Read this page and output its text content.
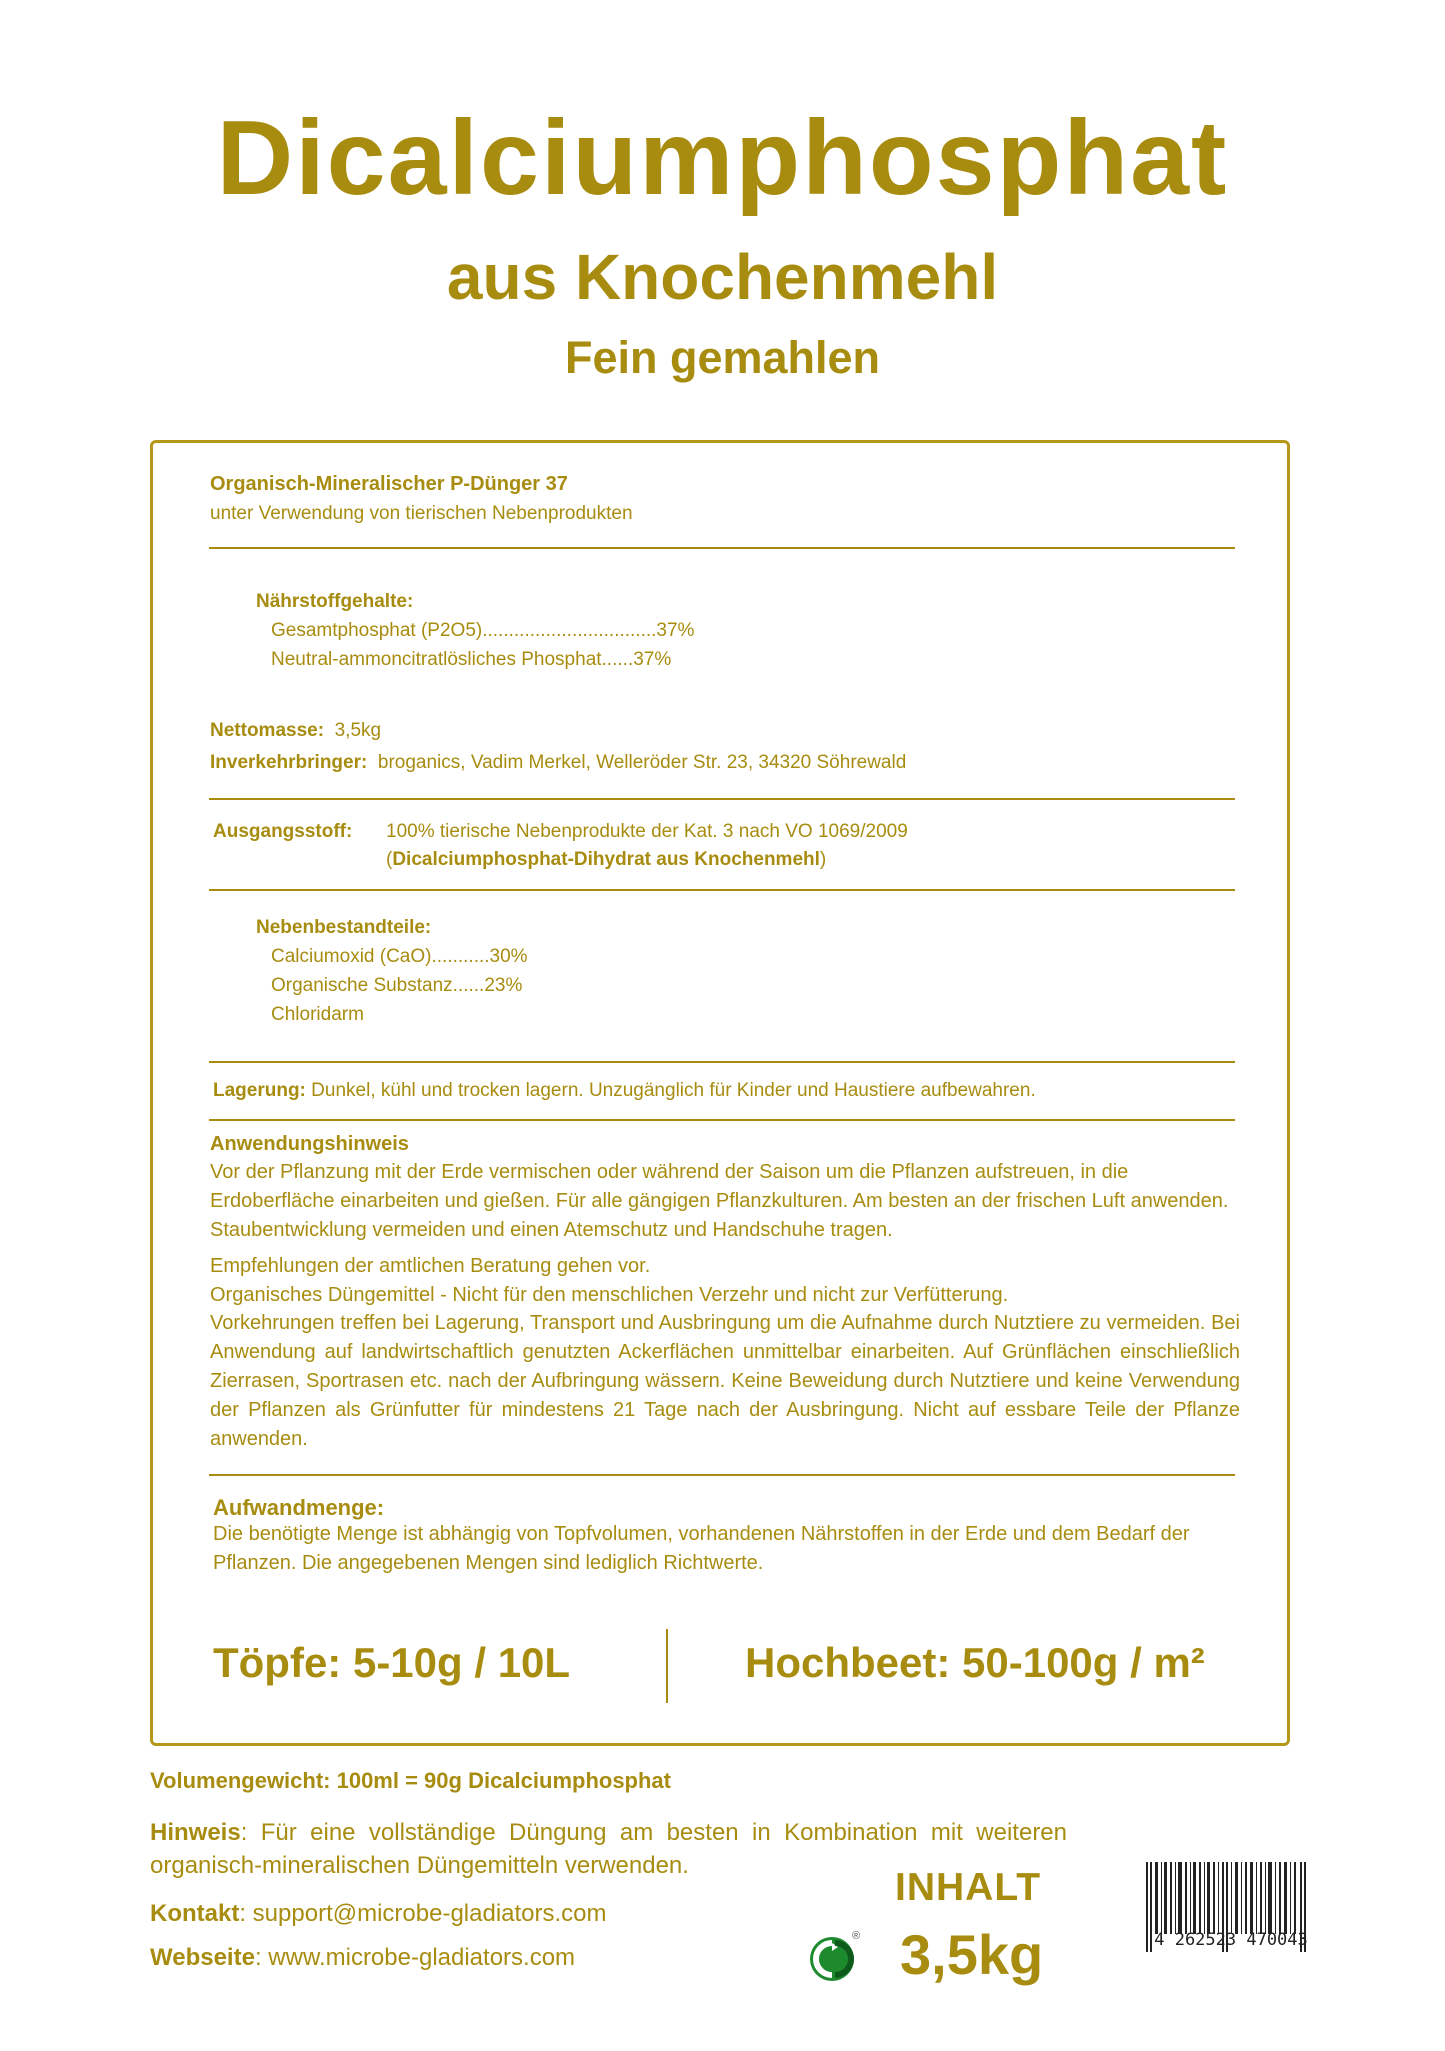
Dicalciumphosphat
aus Knochenmehl
Fein gemahlen
Organisch-Mineralischer P-Dünger 37
unter Verwendung von tierischen Nebenprodukten
Nährstoffgehalte:
Gesamtphosphat (P2O5).................................37%
Neutral-ammoncitratlösliches Phosphat......37%
Nettomasse: 3,5kg
Inverkehrbringer: broganics, Vadim Merkel, Welleröder Str. 23, 34320 Söhrewald
Ausgangsstoff: 100% tierische Nebenprodukte der Kat. 3 nach VO 1069/2009
(Dicalciumphosphat-Dihydrat aus Knochenmehl)
Nebenbestandteile:
Calciumoxid (CaO)...........30%
Organische Substanz......23%
Chloridarm
Lagerung: Dunkel, kühl und trocken lagern. Unzugänglich für Kinder und Haustiere aufbewahren.
Anwendungshinweis
Vor der Pflanzung mit der Erde vermischen oder während der Saison um die Pflanzen aufstreuen, in die Erdoberfläche einarbeiten und gießen. Für alle gängigen Pflanzkulturen. Am besten an der frischen Luft anwenden. Staubentwicklung vermeiden und einen Atemschutz und Handschuhe tragen.
Empfehlungen der amtlichen Beratung gehen vor.
Organisches Düngemittel - Nicht für den menschlichen Verzehr und nicht zur Verfütterung.
Vorkehrungen treffen bei Lagerung, Transport und Ausbringung um die Aufnahme durch Nutztiere zu vermeiden. Bei Anwendung auf landwirtschaftlich genutzten Ackerflächen unmittelbar einarbeiten. Auf Grünflächen einschließlich Zierrasen, Sportrasen etc. nach der Aufbringung wässern. Keine Beweidung durch Nutztiere und keine Verwendung der Pflanzen als Grünfutter für mindestens 21 Tage nach der Ausbringung. Nicht auf essbare Teile der Pflanze anwenden.
Aufwandmenge:
Die benötigte Menge ist abhängig von Topfvolumen, vorhandenen Nährstoffen in der Erde und dem Bedarf der Pflanzen. Die angegebenen Mengen sind lediglich Richtwerte.
Töpfe: 5-10g / 10L	Hochbeet: 50-100g / m²
Volumengewicht: 100ml = 90g Dicalciumphosphat
Hinweis: Für eine vollständige Düngung am besten in Kombination mit weiteren organisch-mineralischen Düngemitteln verwenden.
Kontakt: support@microbe-gladiators.com
Webseite: www.microbe-gladiators.com
INHALT
3,5kg
®	4 262523 470043
